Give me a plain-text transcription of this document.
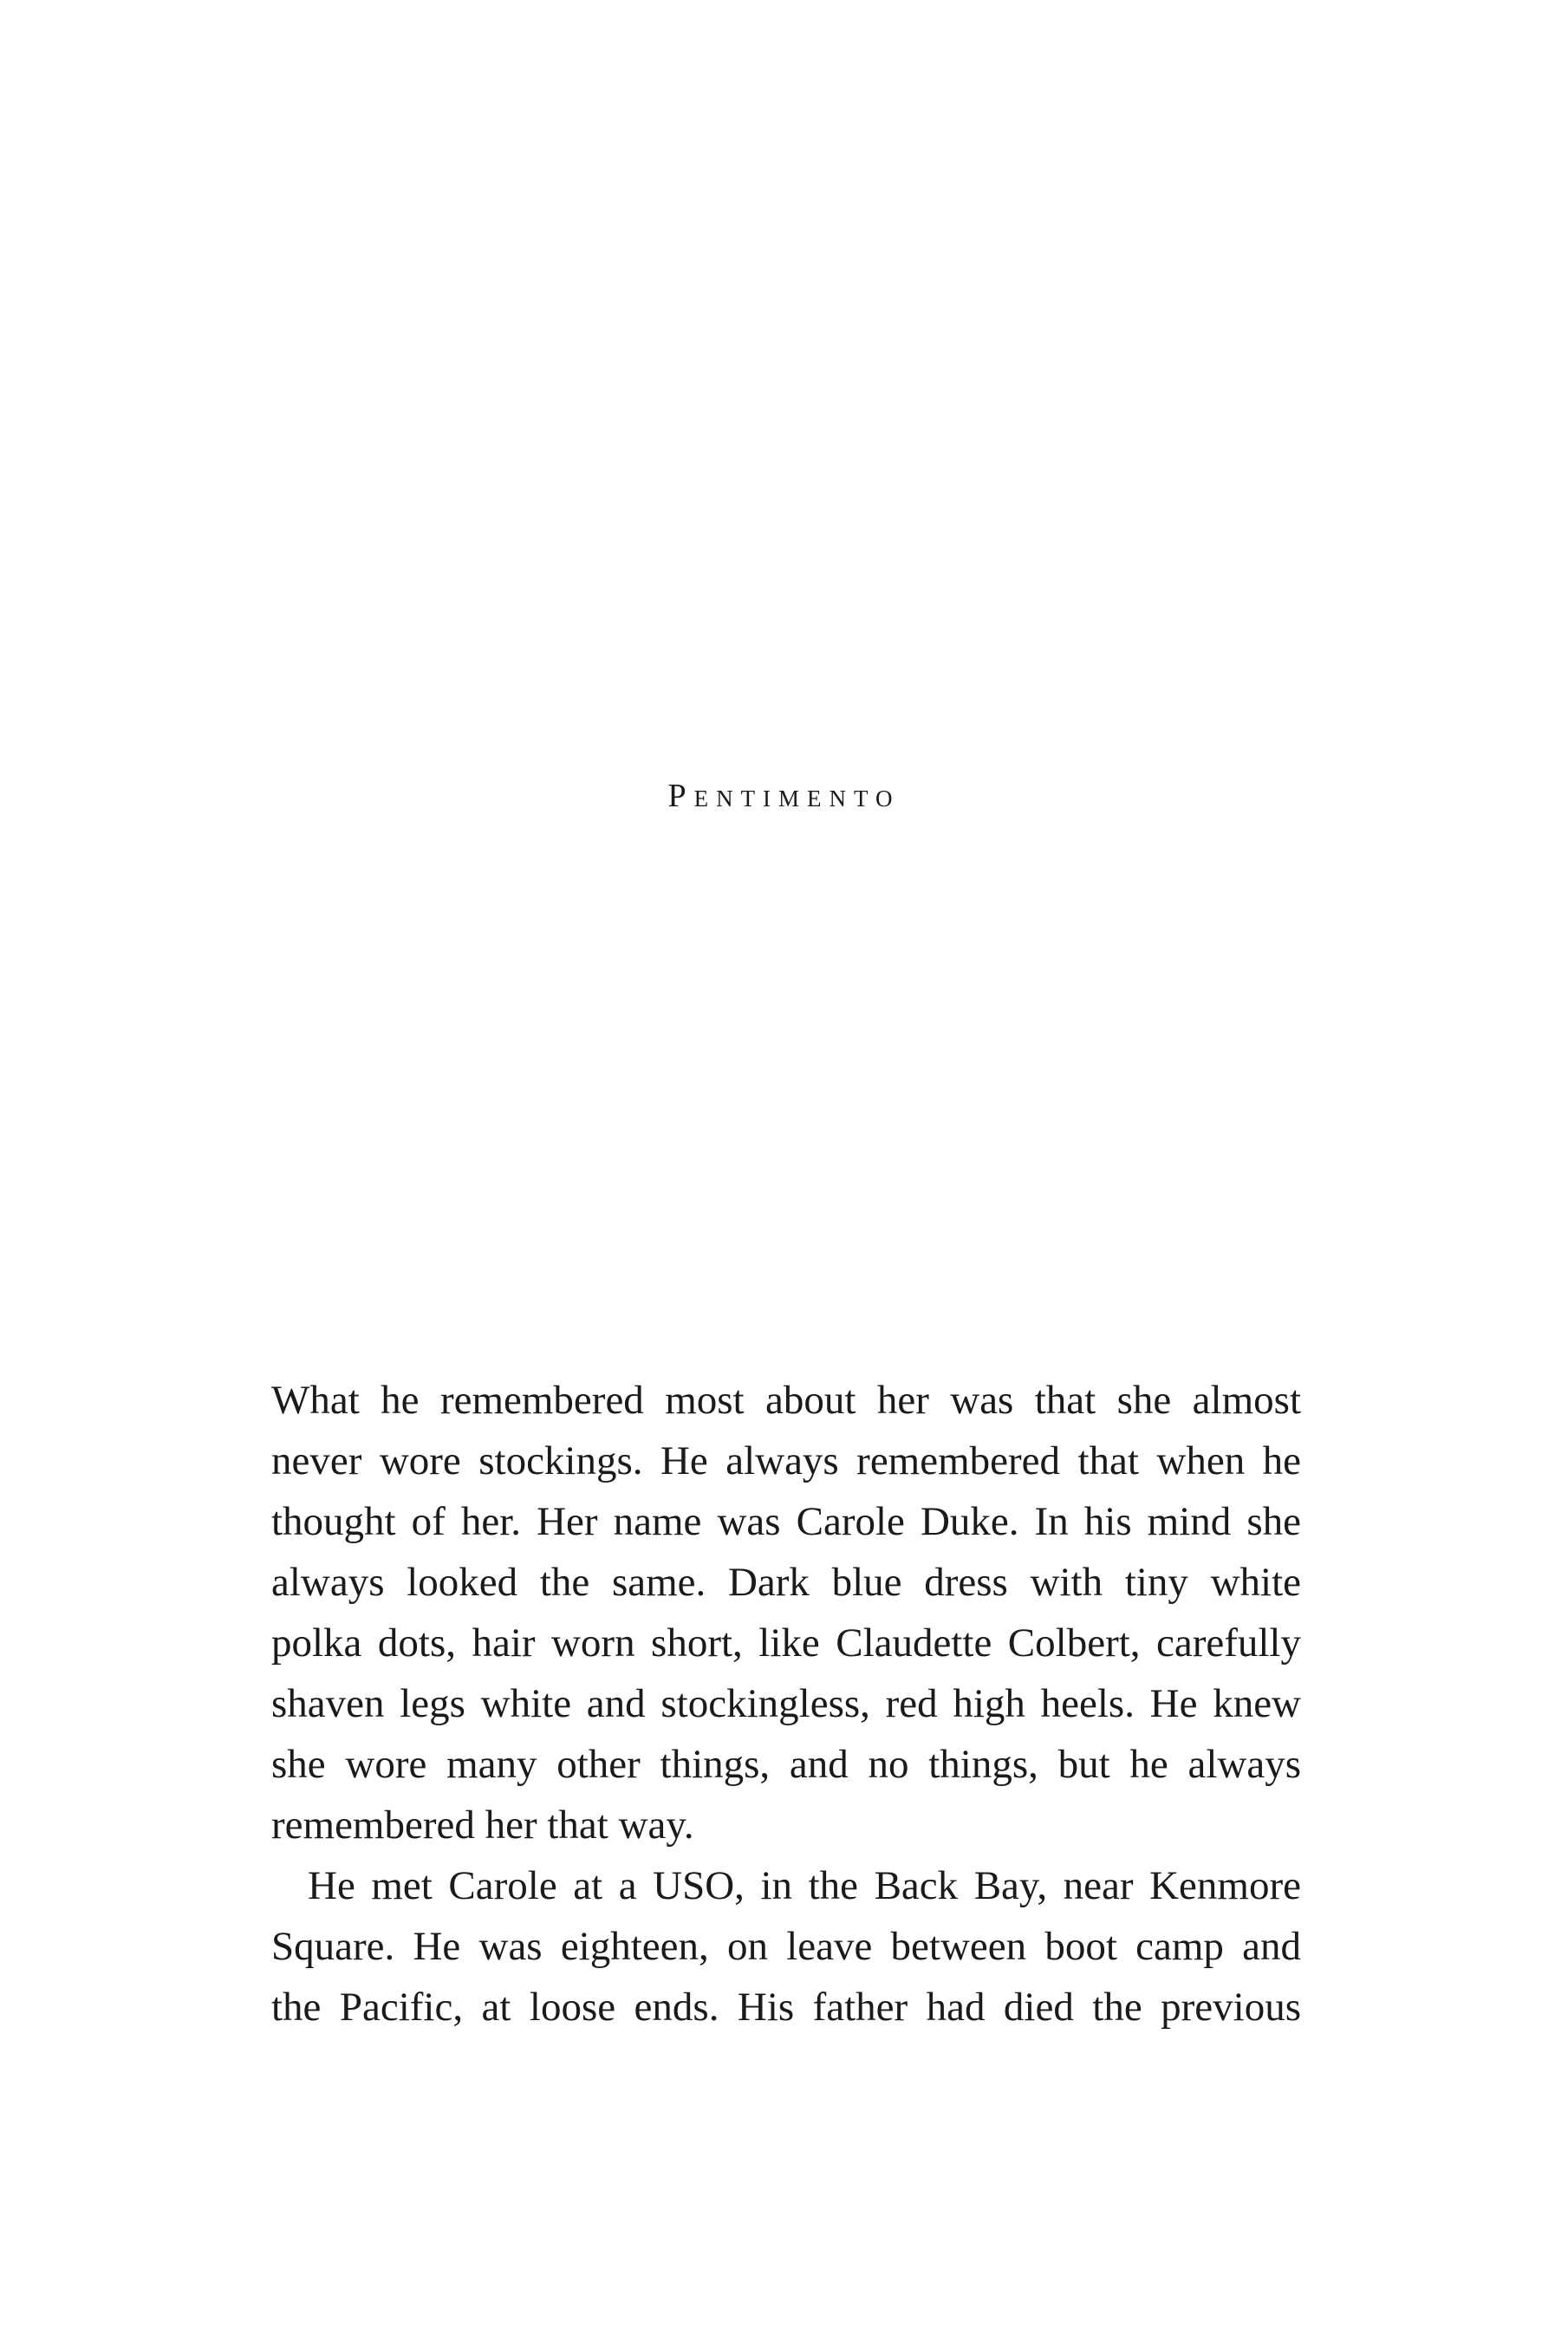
Pentimento
What he remembered most about her was that she almost
never wore stockings. He always remembered that when he
thought of her. Her name was Carole Duke. In his mind she
always looked the same. Dark blue dress with tiny white
polka dots, hair worn short, like Claudette Colbert, carefully
shaven legs white and stockingless, red high heels. He knew
she wore many other things, and no things, but he always
remembered her that way.
He met Carole at a USO, in the Back Bay, near Kenmore
Square. He was eighteen, on leave between boot camp and
the Pacific, at loose ends. His father had died the previous
